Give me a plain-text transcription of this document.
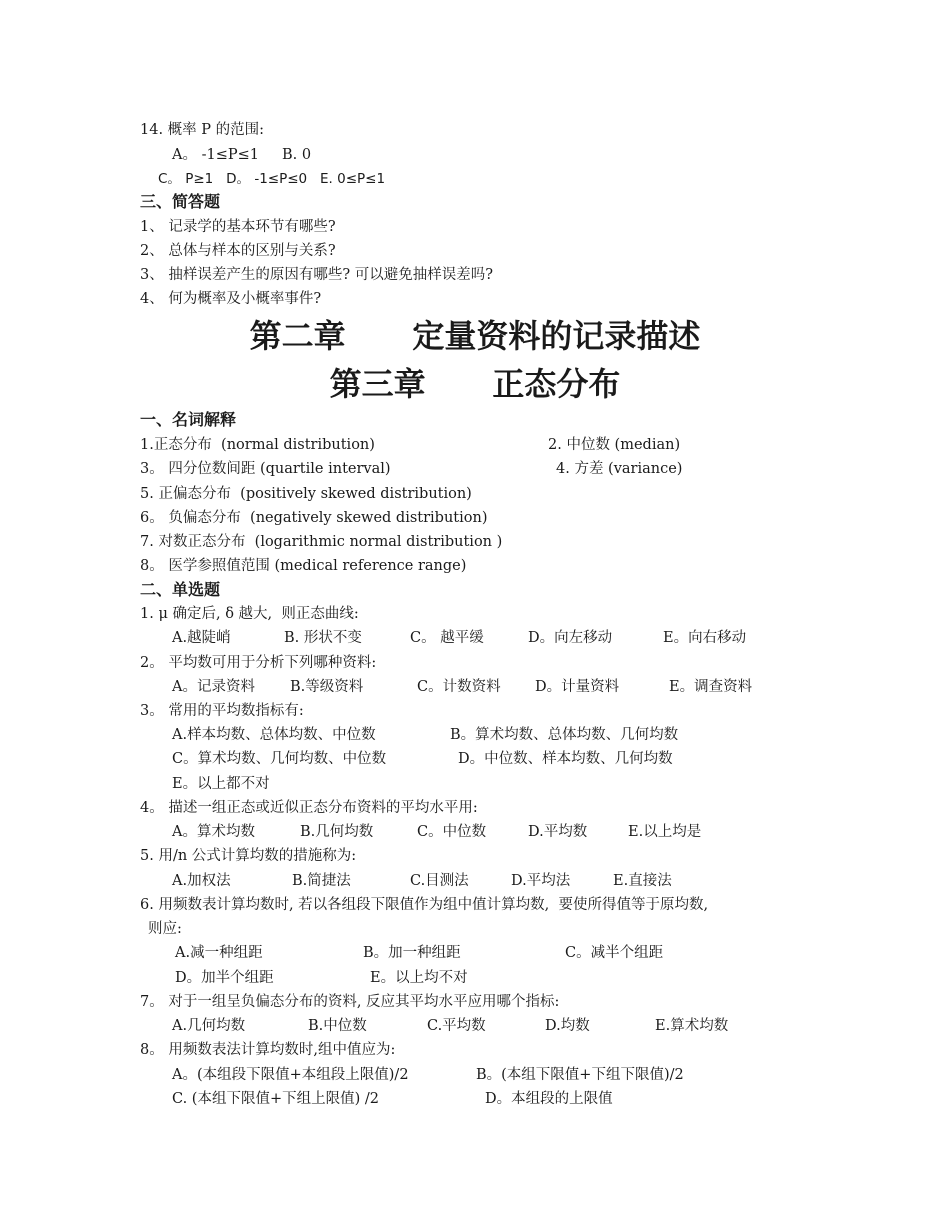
14. 概率 P 的范围:
A。 -1≤P≤1     B. 0
C。 P≥1   D。 -1≤P≤0   E. 0≤P≤1
三、简答题
1、 记录学的基本环节有哪些?
2、 总体与样本的区别与关系?
3、 抽样误差产生的原因有哪些? 可以避免抽样误差吗?
4、 何为概率及小概率事件?
第二章 定量资料的记录描述
第三章 正态分布
一、名词解释
1.正态分布  (normal distribution)	2. 中位数 (median)
3。 四分位数间距 (quartile interval)	4. 方差 (variance)
5. 正偏态分布  (positively skewed distribution)
6。 负偏态分布  (negatively skewed distribution)
7. 对数正态分布  (logarithmic normal distribution )
8。 医学参照值范围 (medical reference range)
二、单选题
1. μ 确定后, δ 越大,  则正态曲线:
A.越陡峭	B. 形状不变	C。 越平缓	D。向左移动	E。向右移动
2。 平均数可用于分析下列哪种资料:
A。记录资料 B.等级资料	C。计数资料 D。计量资料	E。调查资料
3。 常用的平均数指标有:
A.样本均数、总体均数、中位数	B。算术均数、总体均数、几何均数
C。算术均数、几何均数、中位数	D。中位数、样本均数、几何均数
E。以上都不对
4。 描述一组正态或近似正态分布资料的平均水平用:
A。算术均数	B.几何均数	C。中位数	D.平均数	E.以上均是
5. 用/n 公式计算均数的措施称为:
A.加权法	B.简捷法	C.目测法	D.平均法	E.直接法
6. 用频数表计算均数时, 若以各组段下限值作为组中值计算均数,  要使所得值等于原均数,
则应:
A.减一种组距	B。加一种组距	C。减半个组距
D。加半个组距	E。以上均不对
7。 对于一组呈负偏态分布的资料, 反应其平均水平应用哪个指标:
A.几何均数	B.中位数	C.平均数	D.均数	E.算术均数
8。 用频数表法计算均数时,组中值应为:
A。(本组段下限值+本组段上限值)/2	B。(本组下限值+下组下限值)/2
C. (本组下限值+下组上限值) /2	D。本组段的上限值
